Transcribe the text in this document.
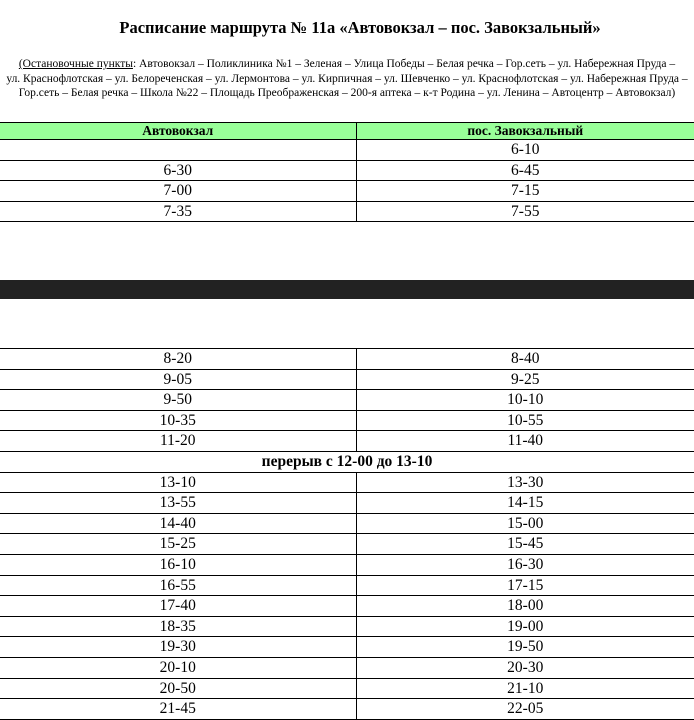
Расписание маршрута № 11а «Автовокзал – пос. Завокзальный»
(Остановочные пункты: Автовокзал – Поликлиника №1 – Зеленая – Улица Победы – Белая речка – Гор.сеть – ул. Набережная Пруда –
ул. Краснофлотская – ул. Белореченская – ул. Лермонтова – ул. Кирпичная – ул. Шевченко – ул. Краснофлотская – ул. Набережная Пруда –
Гор.сеть – Белая речка – Школа №22 – Площадь Преображенская – 200-я аптека – к-т Родина – ул. Ленина – Автоцентр – Автовокзал)
Автовокзал	пос. Завокзальный
	6-10
6-30	6-45
7-00	7-15
7-35	7-55
8-20	8-40
9-05	9-25
9-50	10-10
10-35	10-55
11-20	11-40
перерыв с 12-00 до 13-10	
13-10	13-30
13-55	14-15
14-40	15-00
15-25	15-45
16-10	16-30
16-55	17-15
17-40	18-00
18-35	19-00
19-30	19-50
20-10	20-30
20-50	21-10
21-45	22-05
